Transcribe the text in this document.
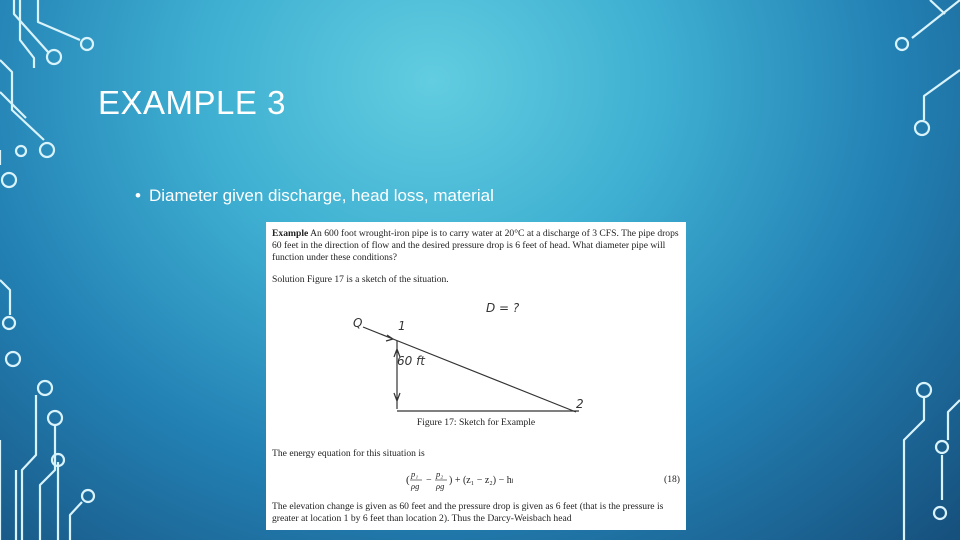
EXAMPLE 3
• Diameter given discharge, head loss, material

Example An 600 foot wrought-iron pipe is to carry water at 20°C at a discharge of 3 CFS. The pipe drops 60 feet in the direction of flow and the desired pressure drop is 6 feet of head. What diameter pipe will function under these conditions?

Solution Figure 17 is a sketch of the situation.

D = ?
Q	1
60 ft
2
Figure 17: Sketch for Example

The energy equation for this situation is

( p₁
ρg −
p₂
ρg ) + (z₁ − z₂) − hₗ	(18)

The elevation change is given as 60 feet and the pressure drop is given as 6 feet (that is the pressure is greater at location 1 by 6 feet than location 2). Thus the Darcy-Weisbach head
